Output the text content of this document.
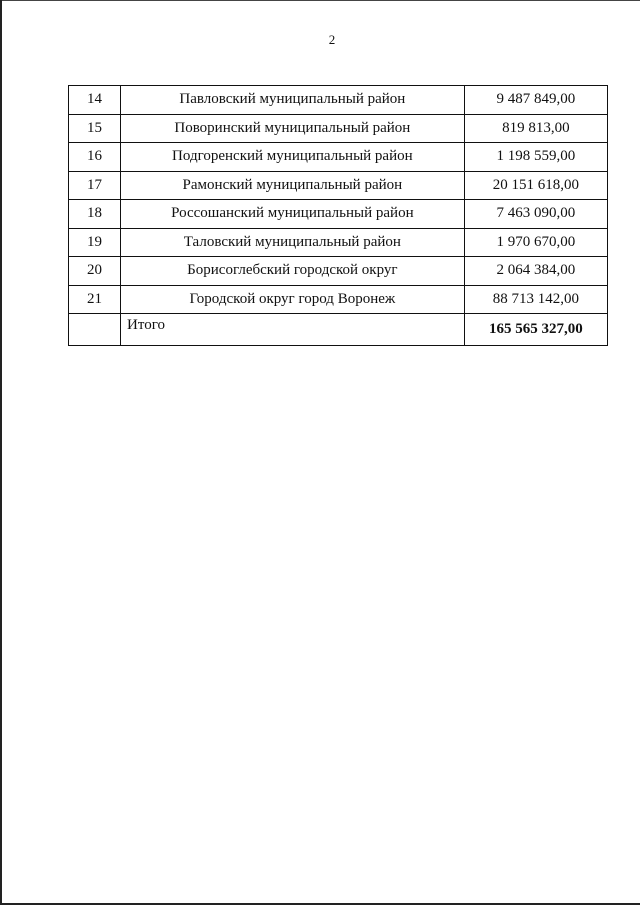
2
14	Павловский муниципальный район	9 487 849,00
15	Поворинский муниципальный район	819 813,00
16	Подгоренский муниципальный район	1 198 559,00
17	Рамонский муниципальный район	20 151 618,00
18	Россошанский муниципальный район	7 463 090,00
19	Таловский муниципальный район	1 970 670,00
20	Борисоглебский городской округ	2 064 384,00
21	Городской округ город Воронеж	88 713 142,00
	Итого	165 565 327,00
